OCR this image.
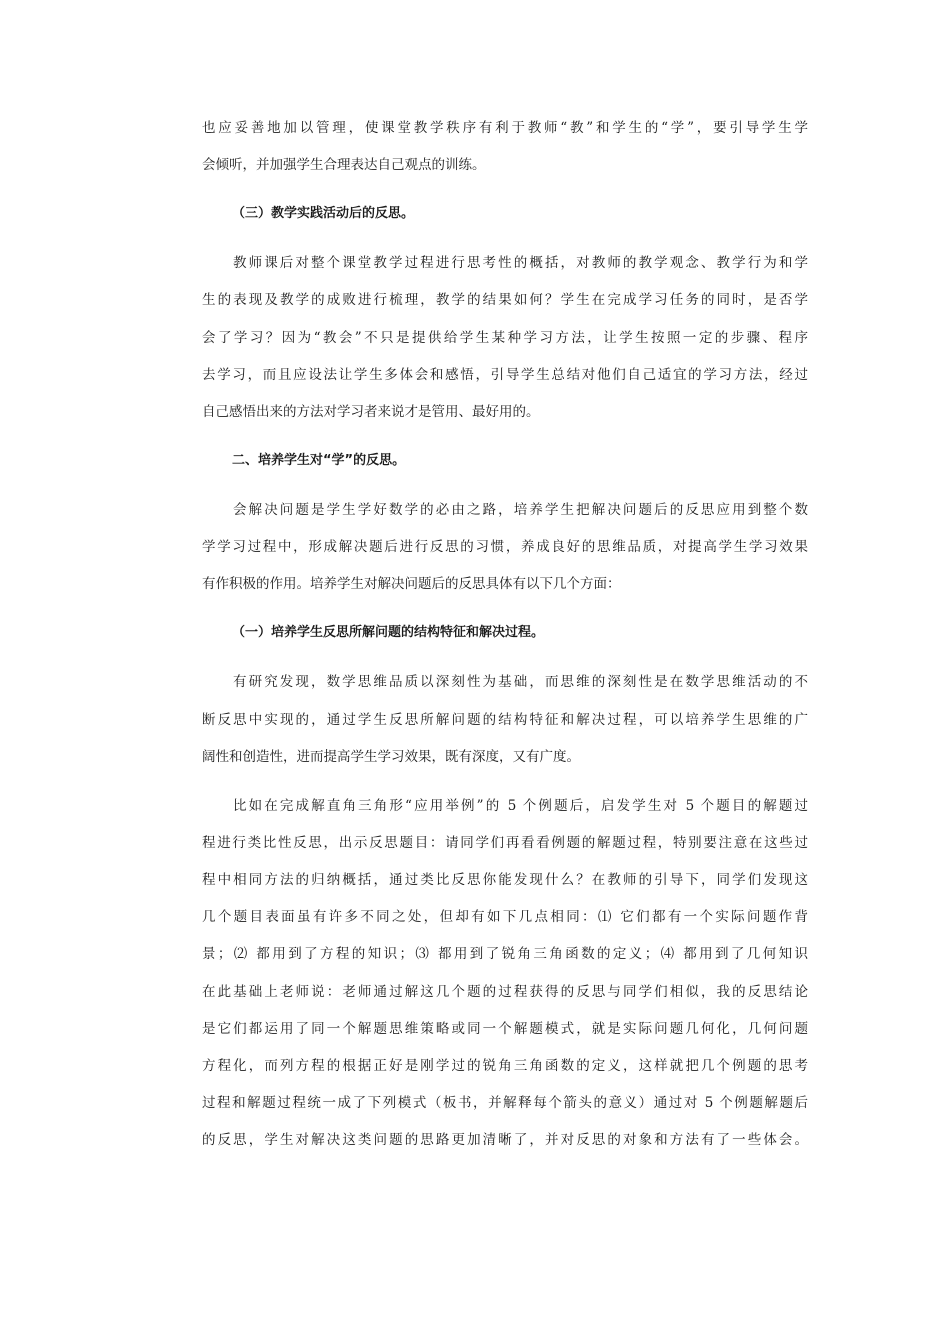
也应妥善地加以管理，使课堂教学秩序有利于教师“教”和学生的“学”，要引导学生学
会倾听，并加强学生合理表达自己观点的训练。
（三）教学实践活动后的反思。
教师课后对整个课堂教学过程进行思考性的概括，对教师的教学观念、教学行为和学
生的表现及教学的成败进行梳理，教学的结果如何？学生在完成学习任务的同时，是否学
会了学习？因为“教会”不只是提供给学生某种学习方法，让学生按照一定的步骤、程序
去学习，而且应设法让学生多体会和感悟，引导学生总结对他们自己适宜的学习方法，经过
自己感悟出来的方法对学习者来说才是管用、最好用的。
二、培养学生对“学”的反思。
会解决问题是学生学好数学的必由之路，培养学生把解决问题后的反思应用到整个数
学学习过程中，形成解决题后进行反思的习惯，养成良好的思维品质，对提高学生学习效果
有作积极的作用。培养学生对解决问题后的反思具体有以下几个方面：
（一）培养学生反思所解问题的结构特征和解决过程。
有研究发现，数学思维品质以深刻性为基础，而思维的深刻性是在数学思维活动的不
断反思中实现的，通过学生反思所解问题的结构特征和解决过程，可以培养学生思维的广
阔性和创造性，进而提高学生学习效果，既有深度，又有广度。
比如在完成解直角三角形“应用举例”的 5 个例题后，启发学生对 5 个题目的解题过
程进行类比性反思，出示反思题目：请同学们再看看例题的解题过程，特别要注意在这些过
程中相同方法的归纳概括，通过类比反思你能发现什么？在教师的引导下，同学们发现这
几个题目表面虽有许多不同之处，但却有如下几点相同：⑴ 它们都有一个实际问题作背
景；⑵ 都用到了方程的知识；⑶ 都用到了锐角三角函数的定义；⑷ 都用到了几何知识
在此基础上老师说：老师通过解这几个题的过程获得的反思与同学们相似，我的反思结论
是它们都运用了同一个解题思维策略或同一个解题模式，就是实际问题几何化，几何问题
方程化，而列方程的根据正好是刚学过的锐角三角函数的定义，这样就把几个例题的思考
过程和解题过程统一成了下列模式（板书，并解释每个箭头的意义）通过对 5 个例题解题后
的反思，学生对解决这类问题的思路更加清晰了，并对反思的对象和方法有了一些体会。
